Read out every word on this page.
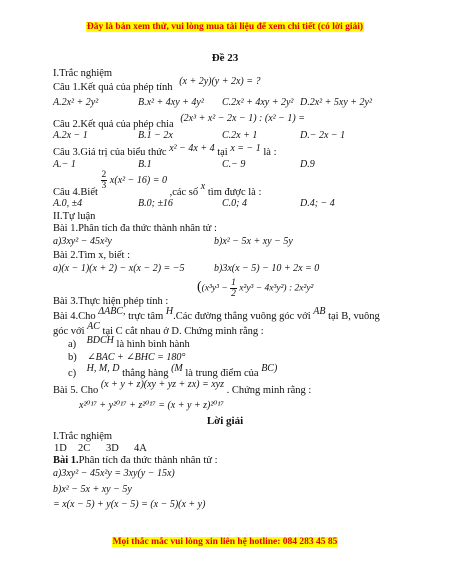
Đây là bản xem thử, vui lòng mua tài liệu để xem chi tiết (có lời giải)
Đề 23
I.Trắc nghiệm
Câu 1.Kết quả của phép tính (x + 2y)(y + 2x) = ?
A.2x² + 2y²	B.x² + 4xy + 4y² C.2x² + 4xy + 2y² D.2x² + 5xy + 2y²
Câu 2.Kết quả của phép chia (2x³ + x² − 2x − 1) : (x² − 1) =
A.2x − 1	B.1 − 2x	C.2x + 1	D.− 2x − 1
Câu 3.Giá trị của biểu thức x² − 4x + 4 tại x = − 1 là :
A.− 1	B.1	C.− 9	D.9
Câu 4.Biết
$\frac{2}{3} x(x^2 - 16) = 0$ ,các số x tìm được là :
A.0, ±4	B.0; ±16	C.0; 4	D.4; − 4
II.Tự luận
Bài 1.Phân tích đa thức thành nhân tử :
a)3xy² − 45x²y	b)x² − 5x + xy − 5y
Bài 2.Tìm x, biết :
a)(x − 1)(x + 2) − x(x − 2) = −5	b)3x(x − 5) − 10 + 2x = 0
Bài 3.Thực hiện phép tính :
($(x^3y^3 - \frac{1}{2} x^2y^3 - 4x^3y^2)$ : 2x²y²
Bài 4.Cho ΔABC, trực tâm H.Các đường thẳng vuông góc với AB tại B, vuông
góc với AC tại C cắt nhau ở D. Chứng minh rằng :
a) BDCH là hình bình hành
b) ∠BAC + ∠BHC = 180°
c) H, M, D thẳng hàng (M là trung điểm của BC)
Bài 5. Cho (x + y + z)(xy + yz + zx) = xyz . Chứng minh rằng :
x²⁰¹⁷ + y²⁰¹⁷ + z²⁰¹⁷ = (x + y + z)²⁰¹⁷
Lời giải
I.Trắc nghiệm
1D 2C 3D 4A
Bài 1.Phân tích đa thức thành nhân tử :
a)3xy² − 45x²y = 3xy(y − 15x)
b)x² − 5x + xy − 5y
= x(x − 5) + y(x − 5) = (x − 5)(x + y)
Mọi thắc mắc vui lòng xin liên hệ hotline: 084 283 45 85
